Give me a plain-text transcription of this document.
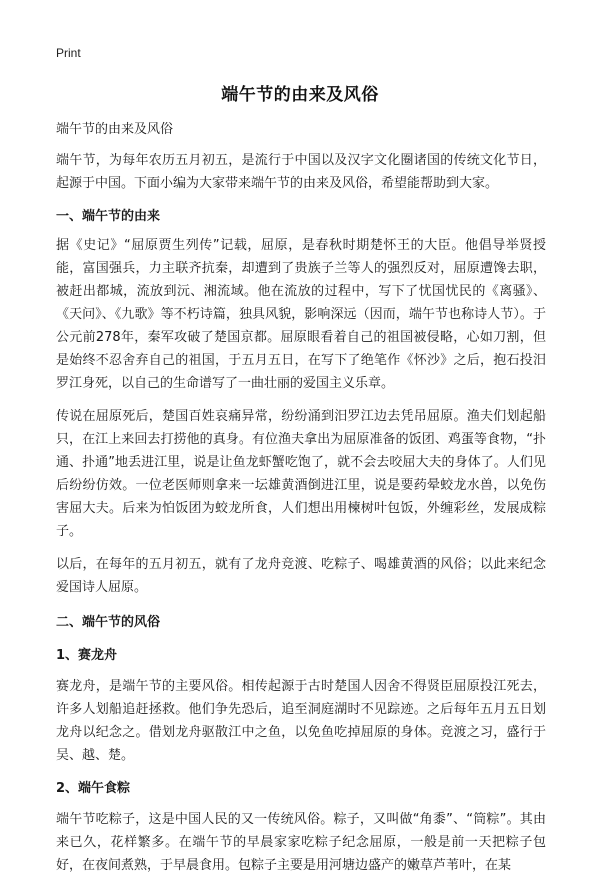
Print
端午节的由来及风俗
端午节的由来及风俗
端午节，为每年农历五月初五，是流行于中国以及汉字文化圈诸国的传统文化节日，起源于中国。下面小编为大家带来端午节的由来及风俗，希望能帮助到大家。
一、端午节的由来
据《史记》“屈原贾生列传”记载，屈原，是春秋时期楚怀王的大臣。他倡导举贤授能，富国强兵，力主联齐抗秦，却遭到了贵族子兰等人的强烈反对，屈原遭馋去职，被赶出都城，流放到沅、湘流域。他在流放的过程中，写下了忧国忧民的《离骚》、《天问》、《九歌》等不朽诗篇，独具风貌，影响深远（因而，端午节也称诗人节）。于公元前278年，秦军攻破了楚国京都。屈原眼看着自己的祖国被侵略，心如刀割，但是始终不忍舍弃自己的祖国，于五月五日，在写下了绝笔作《怀沙》之后，抱石投汨罗江身死，以自己的生命谱写了一曲壮丽的爱国主义乐章。
传说在屈原死后，楚国百姓哀痛异常，纷纷涌到汨罗江边去凭吊屈原。渔夫们划起船只，在江上来回去打捞他的真身。有位渔夫拿出为屈原准备的饭团、鸡蛋等食物，“扑通、扑通”地丢进江里，说是让鱼龙虾蟹吃饱了，就不会去咬屈大夫的身体了。人们见后纷纷仿效。一位老医师则拿来一坛雄黄酒倒进江里，说是要药晕蛟龙水兽，以免伤害屈大夫。后来为怕饭团为蛟龙所食，人们想出用楝树叶包饭，外缠彩丝，发展成粽子。
以后，在每年的五月初五，就有了龙舟竞渡、吃粽子、喝雄黄酒的风俗；以此来纪念爱国诗人屈原。
二、端午节的风俗
1、赛龙舟
赛龙舟，是端午节的主要风俗。相传起源于古时楚国人因舍不得贤臣屈原投江死去，许多人划船追赶拯救。他们争先恐后，追至洞庭湖时不见踪迹。之后每年五月五日划龙舟以纪念之。借划龙舟驱散江中之鱼，以免鱼吃掉屈原的身体。竞渡之习，盛行于吴、越、楚。
2、端午食粽
端午节吃粽子，这是中国人民的又一传统风俗。粽子，又叫做“角黍”、“筒粽”。其由来已久，花样繁多。在端午节的早晨家家吃粽子纪念屈原，一般是前一天把粽子包好，在夜间煮熟，于早晨食用。包粽子主要是用河塘边盛产的嫩草芦苇叶，在某
